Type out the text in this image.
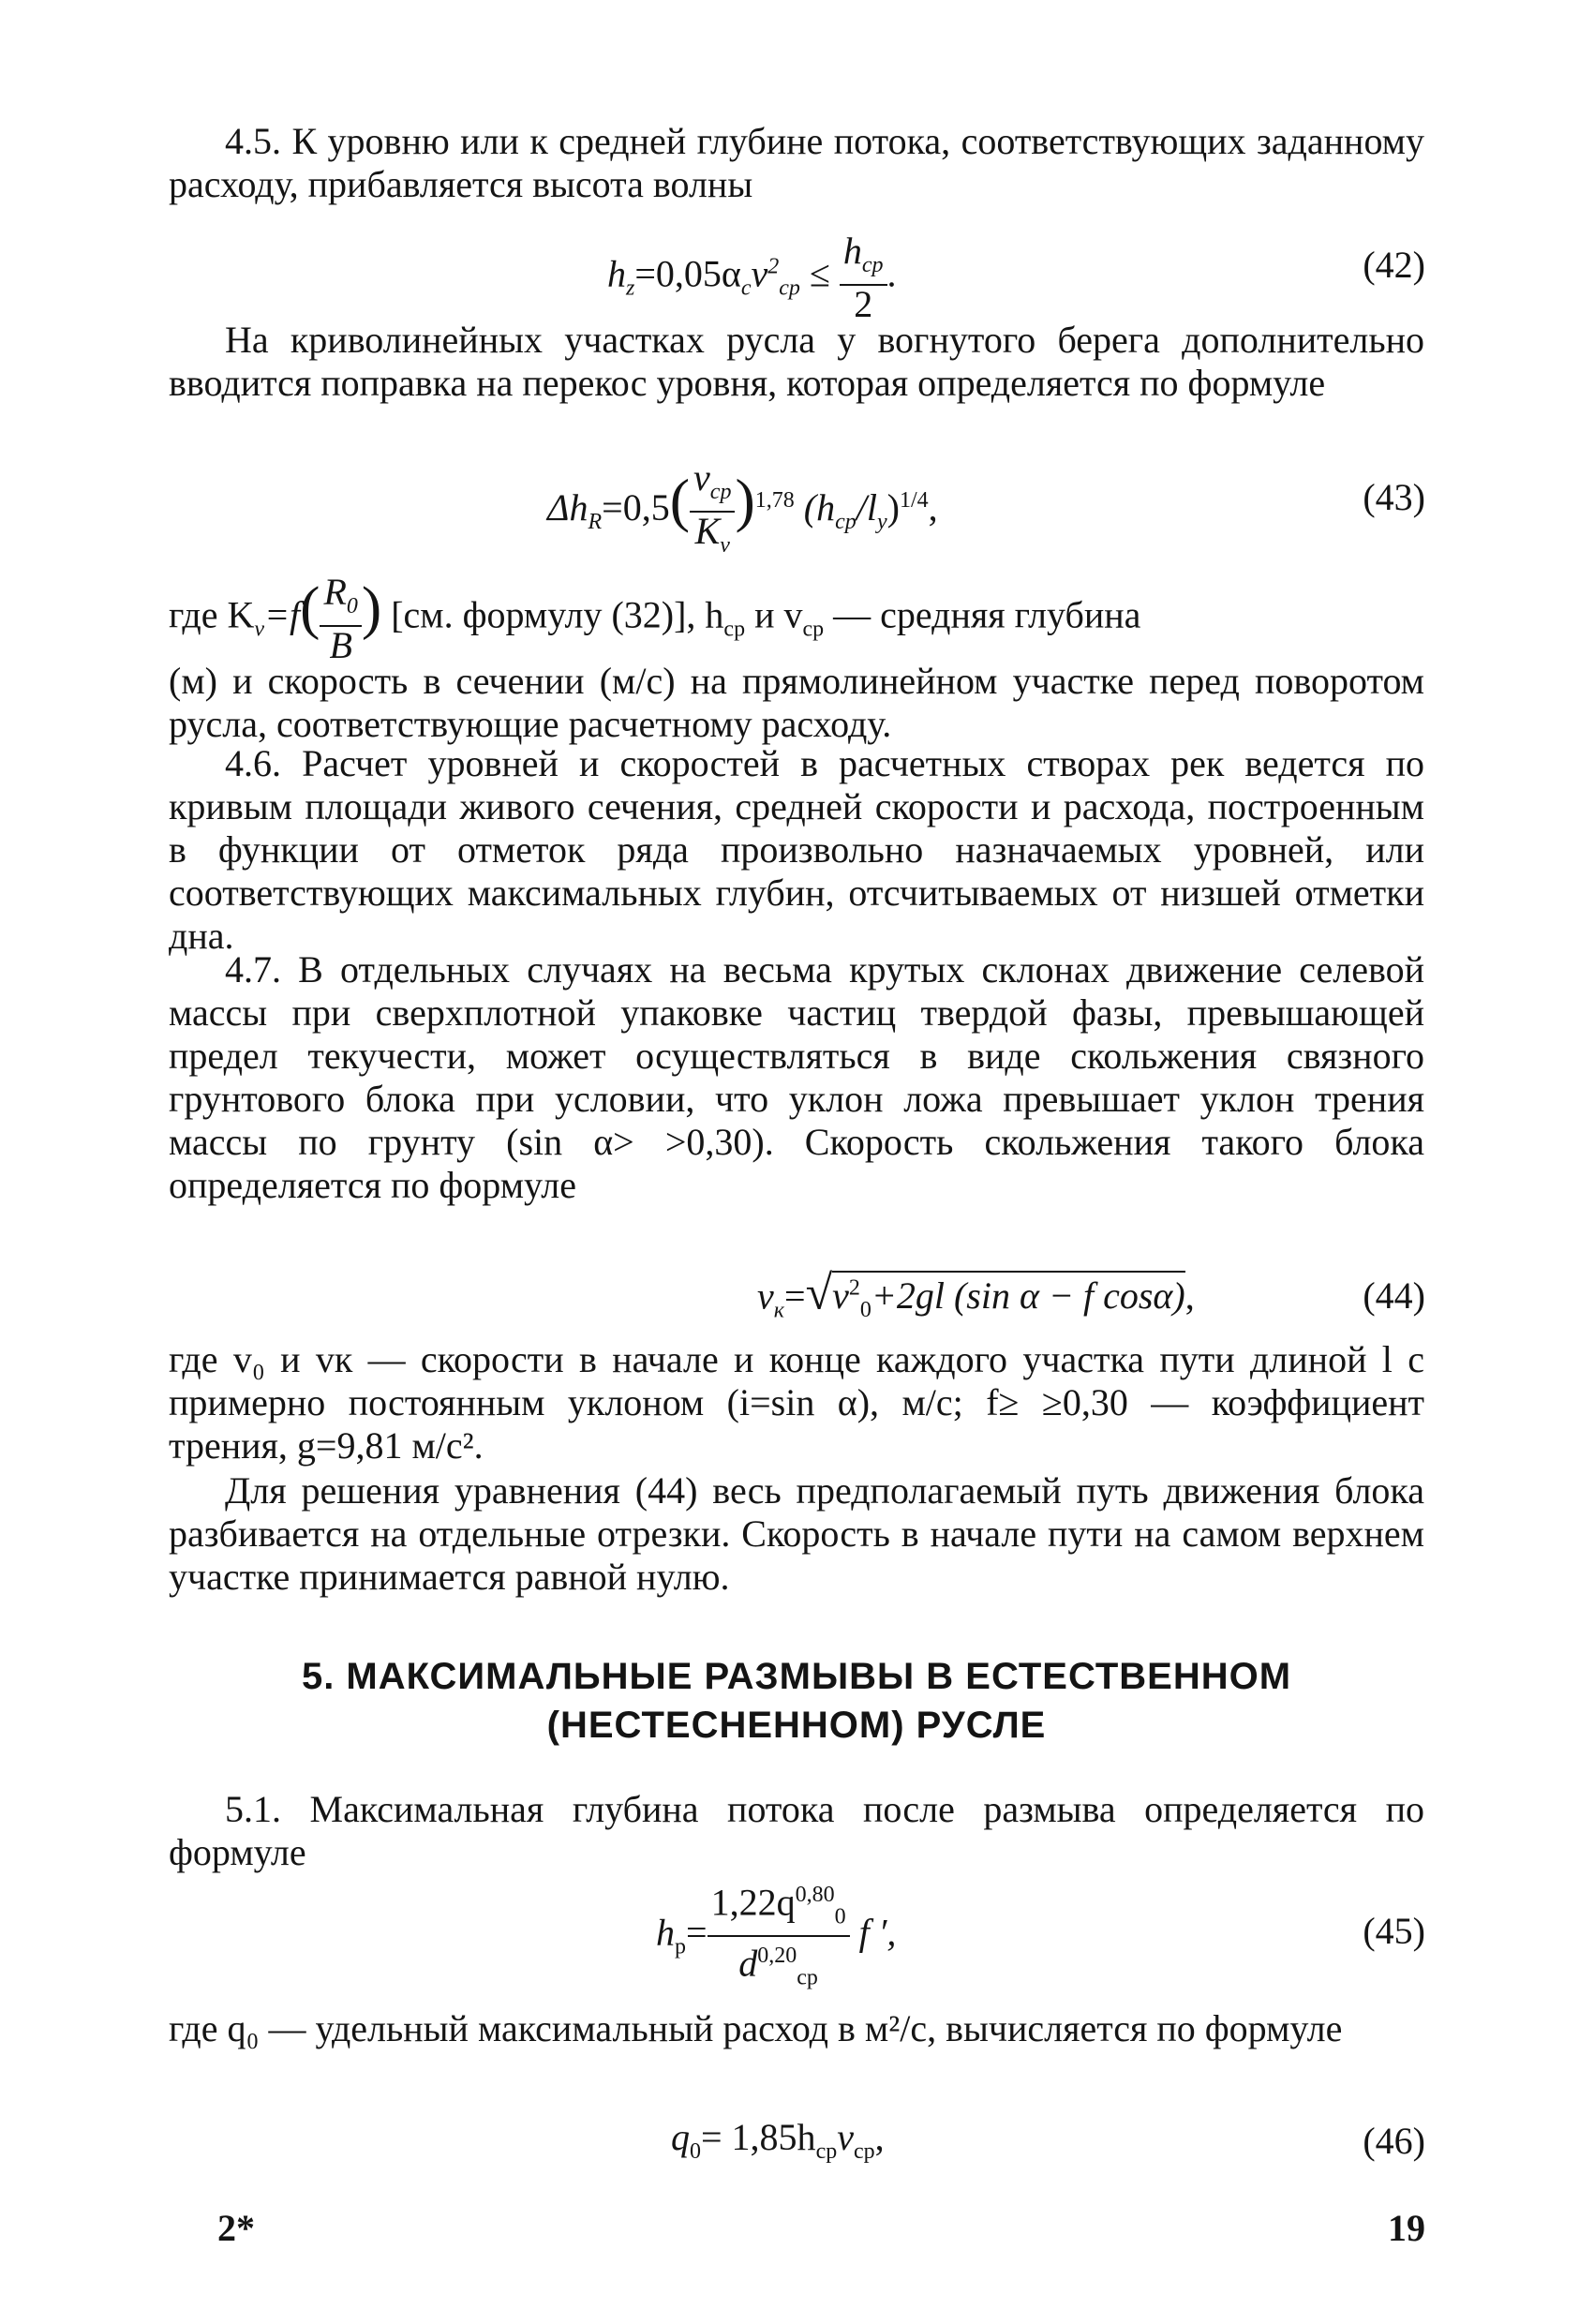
4.5. К уровню или к средней глубине потока, соответствующих заданному расходу, прибавляется высота волны
$h_z=0,05\alpha_cv^2_{cp} \le \frac{h_{cp}}{2}$ .	(42)
На криволинейных участках русла у вогнутого берега дополнительно вводится поправка на перекос уровня, которая определяется по формуле
$\Delta h_R=0,5( \frac{v_{cp}}{K_v} )^{1,78}$ $(h_{cp}/l_y)^{1/4}$,	(43)
где $K_v=f( \frac{R_0}{B}$ ) [см. формулу (32)], $h_{cp}$ и $v_{cp}$ — средняя глубина
(м) и скорость в сечении (м/с) на прямолинейном участке перед поворотом русла, соответствующие расчетному расходу.
4.6. Расчет уровней и скоростей в расчетных створах рек ведется по кривым площади живого сечения, средней скорости и расхода, построенным в функции от отметок ряда произвольно назначаемых уровней, или соответствующих максимальных глубин, отсчитываемых от низшей отметки дна.
4.7. В отдельных случаях на весьма крутых склонах движение селевой массы при сверхплотной упаковке частиц твердой фазы, превышающей предел текучести, может осуществляться в виде скольжения связного грунтового блока при условии, что уклон ложа превышает уклон трения массы по грунту (sin α> >0,30). Скорость скольжения такого блока определяется по формуле
$v_к=√v^2_0+2gl$ (sin α − f cosα),	(44)
где v₀ и vк — скорости в начале и конце каждого участка пути длиной l с примерно постоянным уклоном (i=sin α), м/с; f≥ ≥0,30 — коэффициент трения, g=9,81 м/с².
Для решения уравнения (44) весь предполагаемый путь движения блока разбивается на отдельные отрезки. Скорость в начале пути на самом верхнем участке принимается равной нулю.
5. МАКСИМАЛЬНЫЕ РАЗМЫВЫ В ЕСТЕСТВЕННОМ
(НЕСТЕСНЕННОМ) РУСЛЕ
5.1. Максимальная глубина потока после размыва определяется по формуле
$h_p= \frac{1,22q^{0,80}_0}{d^{0,20}_{cp}}$ f ′,	(45)
где q₀ — удельный максимальный расход в м²/с, вычисляется по формуле
$q_0= 1,85h_{cp}v_{cp}$,	(46)
2*	19
